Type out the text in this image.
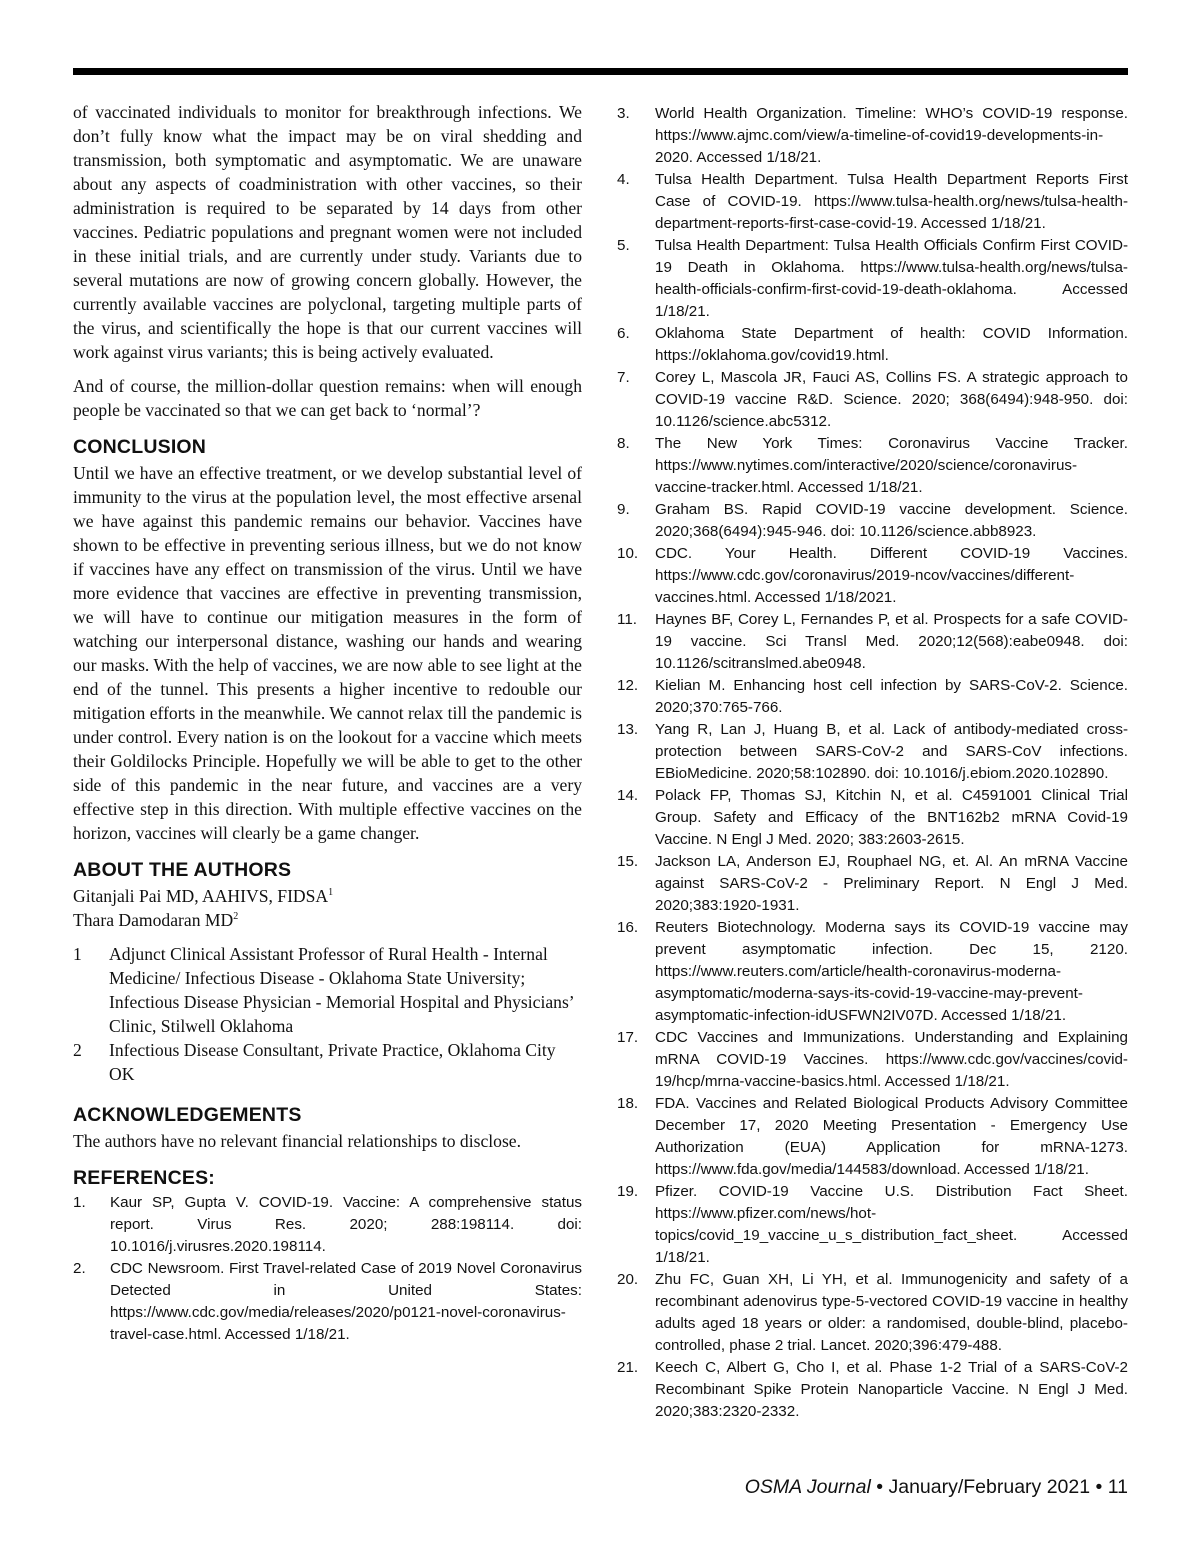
of vaccinated individuals to monitor for breakthrough infections. We don’t fully know what the impact may be on viral shedding and transmission, both symptomatic and asymptomatic. We are unaware about any aspects of coadministration with other vaccines, so their administration is required to be separated by 14 days from other vaccines. Pediatric populations and pregnant women were not included in these initial trials, and are currently under study. Variants due to several mutations are now of growing concern globally. However, the currently available vaccines are polyclonal, targeting multiple parts of the virus, and scientifically the hope is that our current vaccines will work against virus variants; this is being actively evaluated.

And of course, the million-dollar question remains: when will enough people be vaccinated so that we can get back to ‘normal’?

CONCLUSION

Until we have an effective treatment, or we develop substantial level of immunity to the virus at the population level, the most effective arsenal we have against this pandemic remains our behavior. Vaccines have shown to be effective in preventing serious illness, but we do not know if vaccines have any effect on transmission of the virus. Until we have more evidence that vaccines are effective in preventing transmission, we will have to continue our mitigation measures in the form of watching our interpersonal distance, washing our hands and wearing our masks. With the help of vaccines, we are now able to see light at the end of the tunnel. This presents a higher incentive to redouble our mitigation efforts in the meanwhile. We cannot relax till the pandemic is under control. Every nation is on the lookout for a vaccine which meets their Goldilocks Principle. Hopefully we will be able to get to the other side of this pandemic in the near future, and vaccines are a very effective step in this direction. With multiple effective vaccines on the horizon, vaccines will clearly be a game changer.

ABOUT THE AUTHORS
Gitanjali Pai MD, AAHIVS, FIDSA$^1$
Thara Damodaran $MD^2$
1	Adjunct Clinical Assistant Professor of Rural Health - Internal Medicine/ Infectious Disease - Oklahoma State University; Infectious Disease Physician - Memorial Hospital and Physicians’ Clinic, Stilwell Oklahoma
2	Infectious Disease Consultant, Private Practice, Oklahoma City OK
ACKNOWLEDGEMENTS

The authors have no relevant financial relationships to disclose.

REFERENCES:
1.	Kaur SP, Gupta V. COVID-19. Vaccine: A comprehensive status report. Virus Res. 2020; 288:198114. doi: 10.1016/j.virusres.2020.198114.
2.	CDC Newsroom. First Travel-related Case of 2019 Novel Coronavirus Detected in United States: https://www.cdc.gov/media/releases/2020/p0121-novel-coronavirus-travel-case.html. Accessed 1/18/21.
3.	World Health Organization. Timeline: WHO’s COVID-19 response. https://www.ajmc.com/view/a-timeline-of-covid19-developments-in-2020. Accessed 1/18/21.
4.	Tulsa Health Department. Tulsa Health Department Reports First Case of COVID-19. https://www.tulsa-health.org/news/tulsa-health-department-reports-first-case-covid-19. Accessed 1/18/21.
5.	Tulsa Health Department: Tulsa Health Officials Confirm First COVID-19 Death in Oklahoma. https://www.tulsa-health.org/news/tulsa-health-officials-confirm-first-covid-19-death-oklahoma. Accessed 1/18/21.
6.	Oklahoma State Department of health: COVID Information. https://oklahoma.gov/covid19.html.
7.	Corey L, Mascola JR, Fauci AS, Collins FS. A strategic approach to COVID-19 vaccine R&D. Science. 2020; 368(6494):948-950. doi: 10.1126/science.abc5312.
8.	The New York Times: Coronavirus Vaccine Tracker. https://www.nytimes.com/interactive/2020/science/coronavirus-vaccine-tracker.html. Accessed 1/18/21.
9.	Graham BS. Rapid COVID-19 vaccine development. Science. 2020;368(6494):945-946. doi: 10.1126/science.abb8923.
10.	CDC. Your Health. Different COVID-19 Vaccines. https://www.cdc.gov/coronavirus/2019-ncov/vaccines/different-vaccines.html. Accessed 1/18/2021.
11.	Haynes BF, Corey L, Fernandes P, et al. Prospects for a safe COVID-19 vaccine. Sci Transl Med. 2020;12(568):eabe0948. doi: 10.1126/scitranslmed.abe0948.
12.	Kielian M. Enhancing host cell infection by SARS-CoV-2. Science. 2020;370:765-766.
13.	Yang R, Lan J, Huang B, et al. Lack of antibody-mediated cross-protection between SARS-CoV-2 and SARS-CoV infections. EBioMedicine. 2020;58:102890. doi: 10.1016/j.ebiom.2020.102890.
14.	Polack FP, Thomas SJ, Kitchin N, et al. C4591001 Clinical Trial Group. Safety and Efficacy of the BNT162b2 mRNA Covid-19 Vaccine. N Engl J Med. 2020; 383:2603-2615.
15.	Jackson LA, Anderson EJ, Rouphael NG, et. Al. An mRNA Vaccine against SARS-CoV-2 - Preliminary Report. N Engl J Med. 2020;383:1920-1931.
16.	Reuters Biotechnology. Moderna says its COVID-19 vaccine may prevent asymptomatic infection. Dec 15, 2120. https://www.reuters.com/article/health-coronavirus-moderna-asymptomatic/moderna-says-its-covid-19-vaccine-may-prevent-asymptomatic-infection-idUSFWN2IV07D. Accessed 1/18/21.
17.	CDC Vaccines and Immunizations. Understanding and Explaining mRNA COVID-19 Vaccines. https://www.cdc.gov/vaccines/covid-19/hcp/mrna-vaccine-basics.html. Accessed 1/18/21.
18.	FDA. Vaccines and Related Biological Products Advisory Committee December 17, 2020 Meeting Presentation - Emergency Use Authorization (EUA) Application for mRNA-1273. https://www.fda.gov/media/144583/download. Accessed 1/18/21.
19.	Pfizer. COVID-19 Vaccine U.S. Distribution Fact Sheet. https://www.pfizer.com/news/hot-topics/covid_19_vaccine_u_s_distribution_fact_sheet. Accessed 1/18/21.
20.	Zhu FC, Guan XH, Li YH, et al. Immunogenicity and safety of a recombinant adenovirus type-5-vectored COVID-19 vaccine in healthy adults aged 18 years or older: a randomised, double-blind, placebo-controlled, phase 2 trial. Lancet. 2020;396:479-488.
21.	Keech C, Albert G, Cho I, et al. Phase 1-2 Trial of a SARS-CoV-2 Recombinant Spike Protein Nanoparticle Vaccine. N Engl J Med. 2020;383:2320-2332.
OSMA Journal • January/February 2021 • 11
